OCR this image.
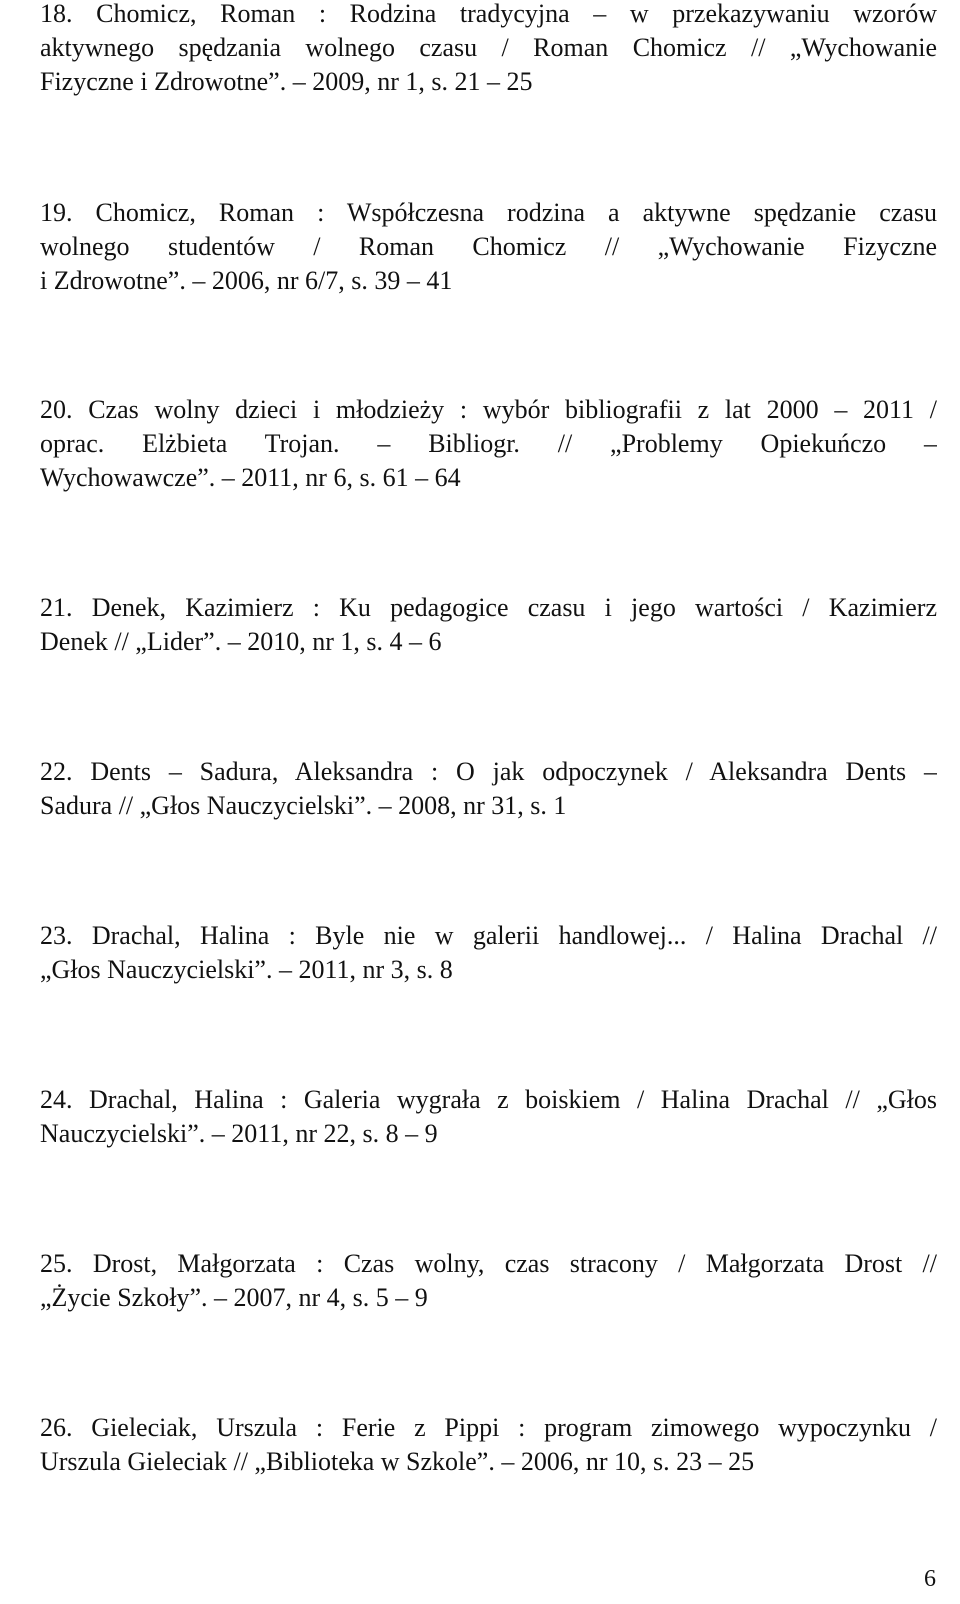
18. Chomicz, Roman : Rodzina tradycyjna – w przekazywaniu wzorów
aktywnego spędzania wolnego czasu / Roman Chomicz // „Wychowanie
Fizyczne i Zdrowotne”. – 2009, nr 1, s. 21 – 25
19. Chomicz, Roman : Współczesna rodzina a aktywne spędzanie czasu
wolnego studentów / Roman Chomicz // „Wychowanie Fizyczne
i Zdrowotne”. – 2006, nr 6/7, s. 39 – 41
20. Czas wolny dzieci i młodzieży : wybór bibliografii z lat 2000 – 2011 /
oprac. Elżbieta Trojan. – Bibliogr. // „Problemy Opiekuńczo –
Wychowawcze”. – 2011, nr 6, s. 61 – 64
21. Denek, Kazimierz : Ku pedagogice czasu i jego wartości / Kazimierz
Denek // „Lider”. – 2010, nr 1, s. 4 – 6
22. Dents – Sadura, Aleksandra : O jak odpoczynek / Aleksandra Dents –
Sadura // „Głos Nauczycielski”. – 2008, nr 31, s. 1
23. Drachal, Halina : Byle nie w galerii handlowej... / Halina Drachal //
„Głos Nauczycielski”. – 2011, nr 3, s. 8
24. Drachal, Halina : Galeria wygrała z boiskiem / Halina Drachal // „Głos
Nauczycielski”. – 2011, nr 22, s. 8 – 9
25. Drost, Małgorzata : Czas wolny, czas stracony / Małgorzata Drost //
„Życie Szkoły”. – 2007, nr 4, s. 5 – 9
26. Gieleciak, Urszula : Ferie z Pippi : program zimowego wypoczynku /
Urszula Gieleciak // „Biblioteka w Szkole”. – 2006, nr 10, s. 23 – 25
6
